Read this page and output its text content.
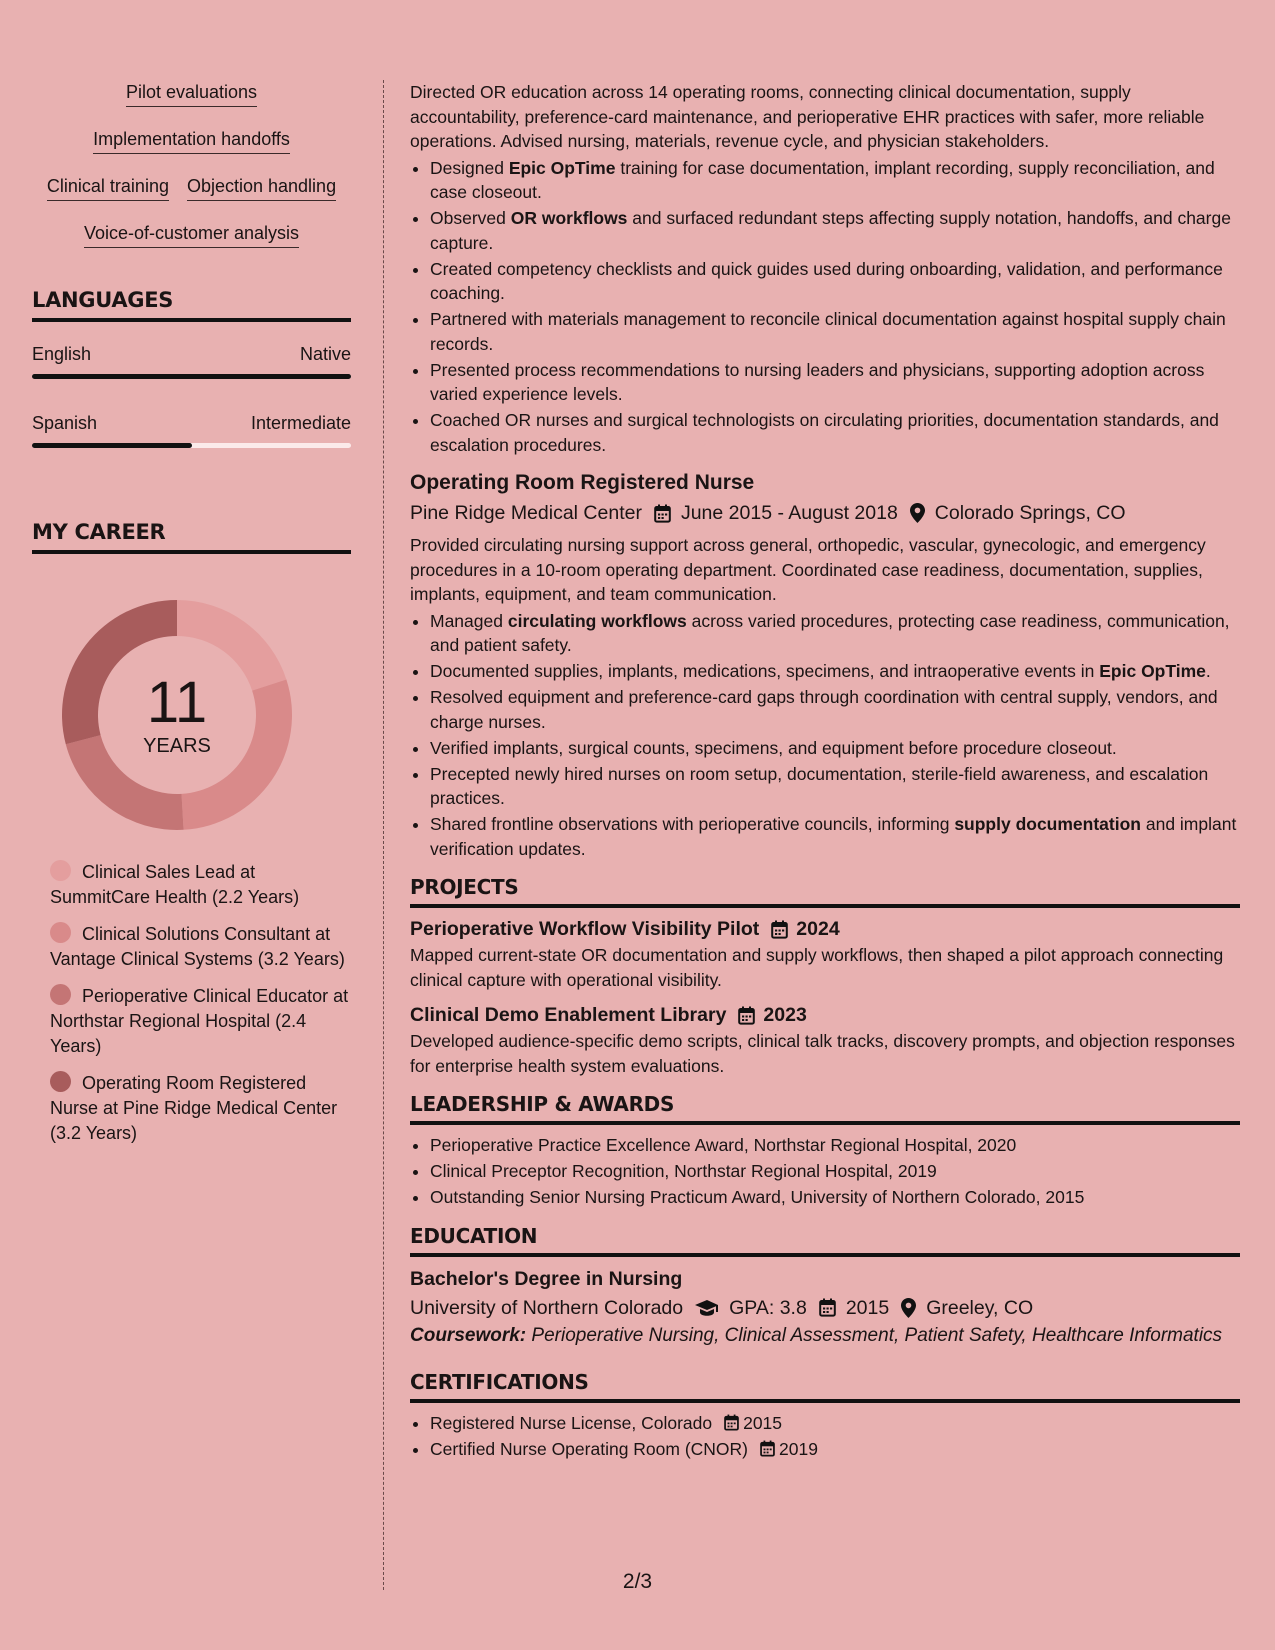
Pilot evaluations
Implementation handoffs
Clinical training Objection handling
Voice-of-customer analysis
LANGUAGES
English	Native
Spanish	Intermediate
MY CAREER
11
YEARS
Clinical Sales Lead at SummitCare Health (2.2 Years)
Clinical Solutions Consultant at Vantage Clinical Systems (3.2 Years)
Perioperative Clinical Educator at Northstar Regional Hospital (2.4 Years)
Operating Room Registered Nurse at Pine Ridge Medical Center (3.2 Years)

Directed OR education across 14 operating rooms, connecting clinical documentation, supply accountability, preference-card maintenance, and perioperative EHR practices with safer, more reliable operations. Advised nursing, materials, revenue cycle, and physician stakeholders.

• Designed Epic OpTime training for case documentation, implant recording, supply reconciliation, and case closeout.
• Observed OR workflows and surfaced redundant steps affecting supply notation, handoffs, and charge capture.
• Created competency checklists and quick guides used during onboarding, validation, and performance coaching.
• Partnered with materials management to reconcile clinical documentation against hospital supply chain records.
• Presented process recommendations to nursing leaders and physicians, supporting adoption across varied experience levels.
• Coached OR nurses and surgical technologists on circulating priorities, documentation standards, and escalation procedures.
Operating Room Registered Nurse
Pine Ridge Medical Center June 2015 - August 2018 Colorado Springs, CO

Provided circulating nursing support across general, orthopedic, vascular, gynecologic, and emergency procedures in a 10-room operating department. Coordinated case readiness, documentation, supplies, implants, equipment, and team communication.

• Managed circulating workflows across varied procedures, protecting case readiness, communication, and patient safety.
• Documented supplies, implants, medications, specimens, and intraoperative events in Epic OpTime.
• Resolved equipment and preference-card gaps through coordination with central supply, vendors, and charge nurses.
• Verified implants, surgical counts, specimens, and equipment before procedure closeout.
• Precepted newly hired nurses on room setup, documentation, sterile-field awareness, and escalation practices.
• Shared frontline observations with perioperative councils, informing supply documentation and implant verification updates.
PROJECTS
Perioperative Workflow Visibility Pilot 2024

Mapped current-state OR documentation and supply workflows, then shaped a pilot approach connecting clinical capture with operational visibility.

Clinical Demo Enablement Library 2023

Developed audience-specific demo scripts, clinical talk tracks, discovery prompts, and objection responses for enterprise health system evaluations.

LEADERSHIP & AWARDS
• Perioperative Practice Excellence Award, Northstar Regional Hospital, 2020
• Clinical Preceptor Recognition, Northstar Regional Hospital, 2019
• Outstanding Senior Nursing Practicum Award, University of Northern Colorado, 2015
EDUCATION
Bachelor's Degree in Nursing
University of Northern Colorado GPA: 3.8 2015 Greeley, CO
Coursework: Perioperative Nursing, Clinical Assessment, Patient Safety, Healthcare Informatics
CERTIFICATIONS
• Registered Nurse License, Colorado 2015
• Certified Nurse Operating Room (CNOR) 2019
2/3
